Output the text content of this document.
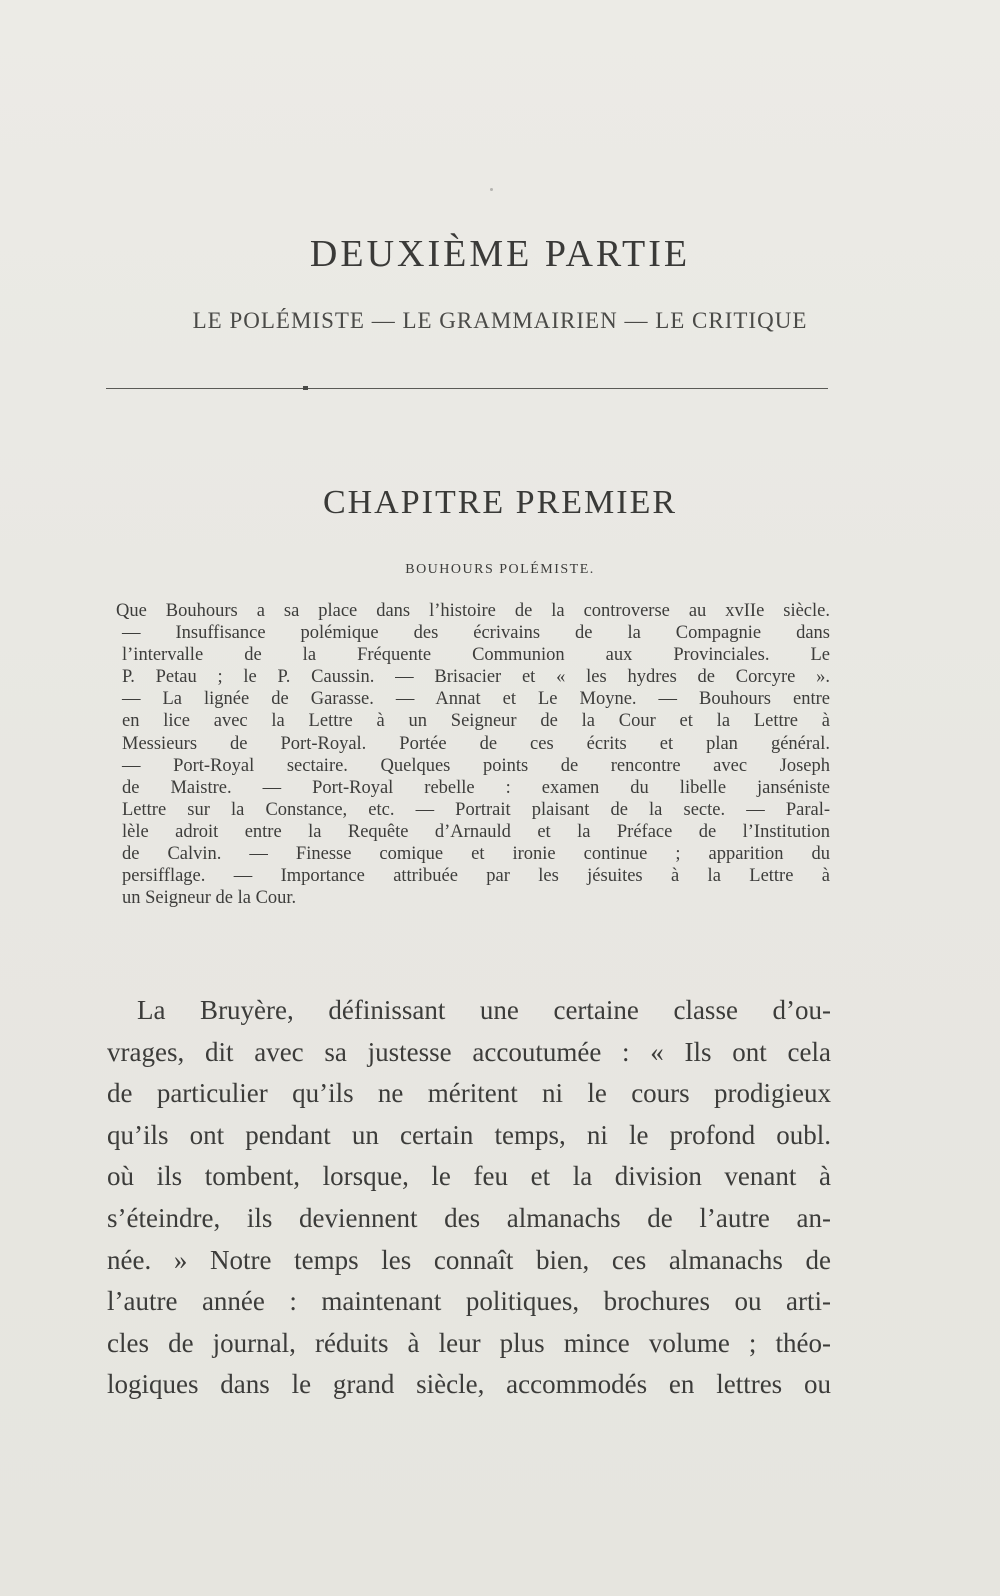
DEUXIÈME PARTIE
LE POLÉMISTE — LE GRAMMAIRIEN — LE CRITIQUE
CHAPITRE PREMIER
BOUHOURS POLÉMISTE.
Que Bouhours a sa place dans l’histoire de la controverse au xvIIe siècle.
— Insuffisance polémique des écrivains de la Compagnie dans
l’intervalle de la Fréquente Communion aux Provinciales. Le
P. Petau ; le P. Caussin. — Brisacier et « les hydres de Corcyre ».
— La lignée de Garasse. — Annat et Le Moyne. — Bouhours entre
en lice avec la Lettre à un Seigneur de la Cour et la Lettre à
Messieurs de Port-Royal. Portée de ces écrits et plan général.
— Port-Royal sectaire. Quelques points de rencontre avec Joseph
de Maistre. — Port-Royal rebelle : examen du libelle janséniste
Lettre sur la Constance, etc. — Portrait plaisant de la secte. — Paral-
lèle adroit entre la Requête d’Arnauld et la Préface de l’Institution
de Calvin. — Finesse comique et ironie continue ; apparition du
persifflage. — Importance attribuée par les jésuites à la Lettre à
un Seigneur de la Cour.
La Bruyère, définissant une certaine classe d’ou-
vrages, dit avec sa justesse accoutumée : « Ils ont cela
de particulier qu’ils ne méritent ni le cours prodigieux
qu’ils ont pendant un certain temps, ni le profond oubl.
où ils tombent, lorsque, le feu et la division venant à
s’éteindre, ils deviennent des almanachs de l’autre an-
née. » Notre temps les connaît bien, ces almanachs de
l’autre année : maintenant politiques, brochures ou arti-
cles de journal, réduits à leur plus mince volume ; théo-
logiques dans le grand siècle, accommodés en lettres ou
